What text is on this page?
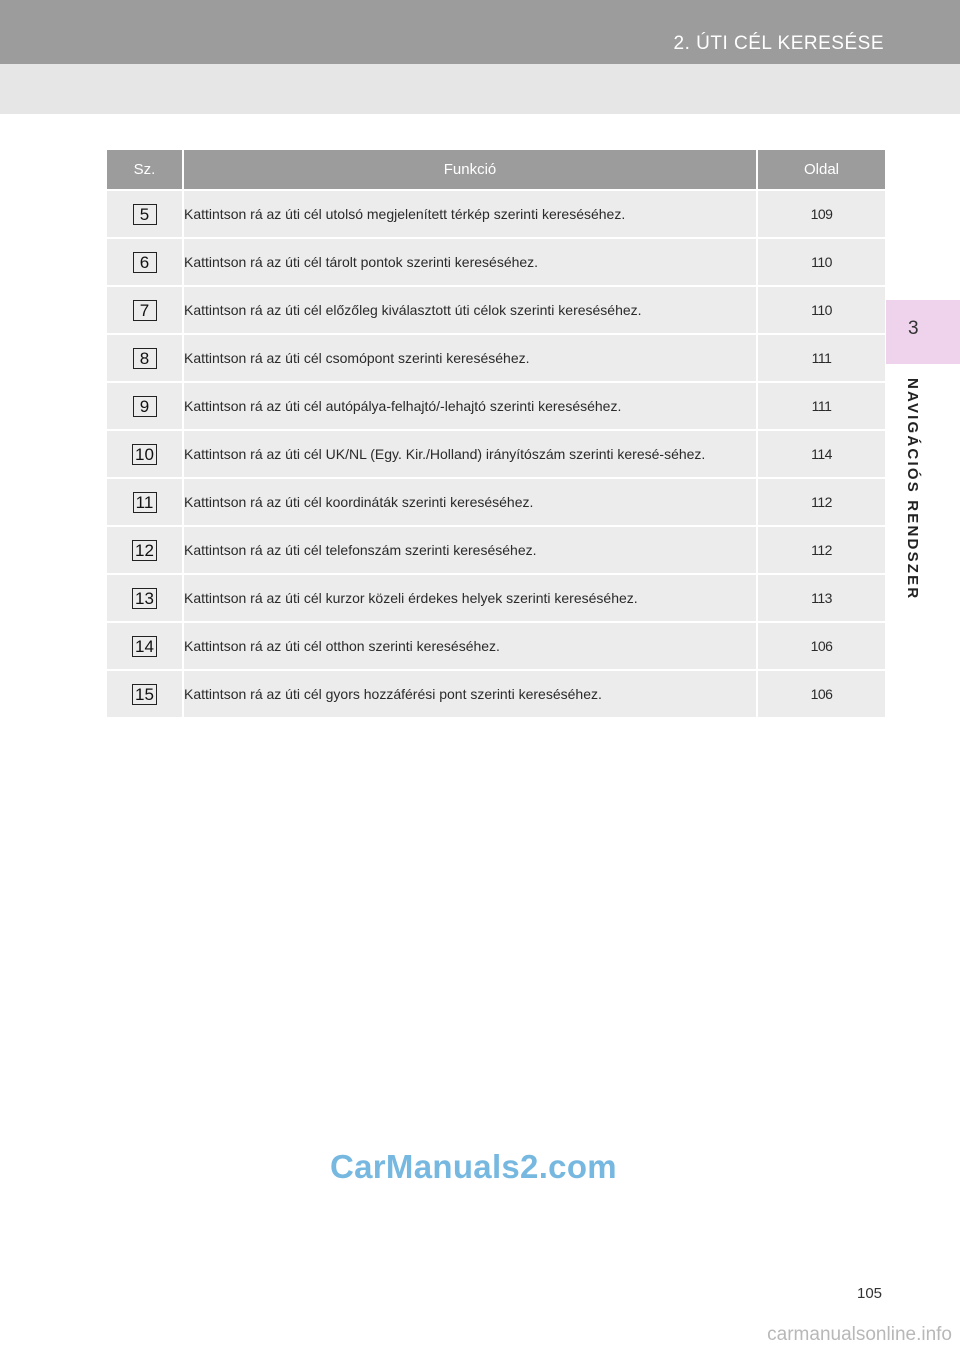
2. ÚTI CÉL KERESÉSE
3
NAVIGÁCIÓS RENDSZER
Sz.	Funkció	Oldal
5	Kattintson rá az úti cél utolsó megjelenített térkép szerinti kereséséhez.	109
6	Kattintson rá az úti cél tárolt pontok szerinti kereséséhez.	110
7	Kattintson rá az úti cél előzőleg kiválasztott úti célok szerinti kereséséhez.	110
8	Kattintson rá az úti cél csomópont szerinti kereséséhez.	111
9	Kattintson rá az úti cél autópálya-felhajtó/-lehajtó szerinti kereséséhez.	111
10	Kattintson rá az úti cél UK/NL (Egy. Kir./Holland) irányítószám szerinti keresé-séhez.	114
11	Kattintson rá az úti cél koordináták szerinti kereséséhez.	112
12	Kattintson rá az úti cél telefonszám szerinti kereséséhez.	112
13	Kattintson rá az úti cél kurzor közeli érdekes helyek szerinti kereséséhez.	113
14	Kattintson rá az úti cél otthon szerinti kereséséhez.	106
15	Kattintson rá az úti cél gyors hozzáférési pont szerinti kereséséhez.	106
CarManuals2.com
105
carmanualsonline.info
